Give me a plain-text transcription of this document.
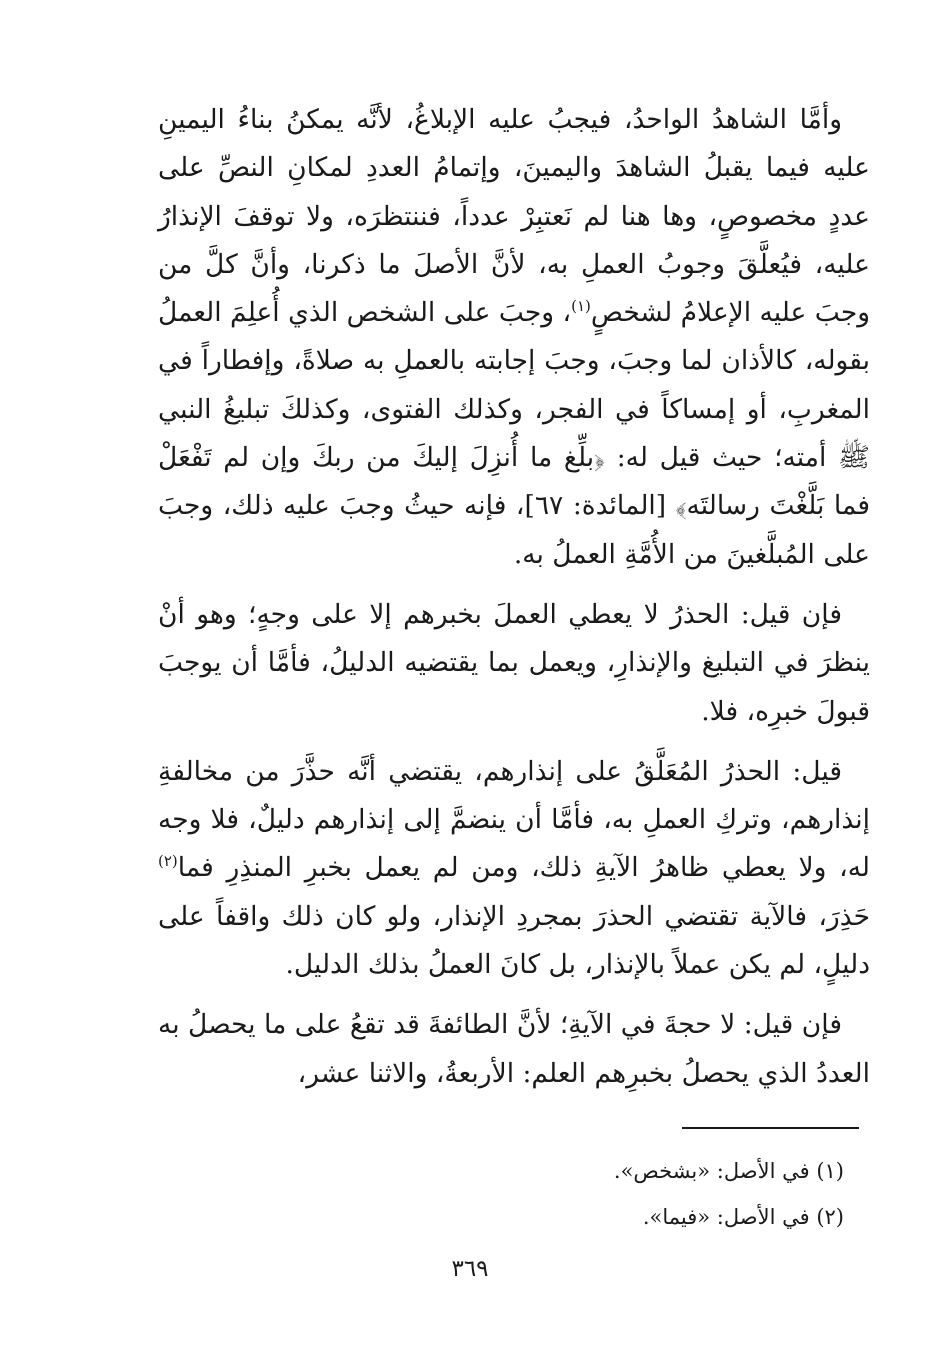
وأمَّا الشاهدُ الواحدُ، فيجبُ عليه الإبلاغُ، لأنَّه يمكنُ بناءُ اليمينِ عليه فيما يقبلُ الشاهدَ واليمينَ، وإتمامُ العددِ لمكانِ النصِّ على عددٍ مخصوصٍ، وها هنا لم نَعتبِرْ عدداً، فننتظرَه، ولا توقفَ الإنذارُ عليه، فيُعلَّقَ وجوبُ العملِ به، لأنَّ الأصلَ ما ذكرنا، وأنَّ كلَّ من وجبَ عليه الإعلامُ لشخصٍ$^{(١)}$، وجبَ على الشخص الذي أُعلِمَ العملُ بقوله، كالأذان لما وجبَ، وجبَ إجابته بالعملِ به صلاةً، وإفطاراً في المغربِ، أو إمساكاً في الفجر، وكذلك الفتوى، وكذلكَ تبليغُ النبي ﷺ أمته؛ حيث قيل له: ﴿بلِّغ ما أُنزِلَ إليكَ من ربكَ وإن لم تَفْعَلْ فما بَلَّغْتَ رسالتَه﴾ [المائدة: ٦٧]، فإنه حيثُ وجبَ عليه ذلك، وجبَ على المُبلَّغينَ من الأُمَّةِ العملُ به.

فإن قيل: الحذرُ لا يعطي العملَ بخبرهم إلا على وجهٍ؛ وهو أنْ ينظرَ في التبليغ والإنذارِ، ويعمل بما يقتضيه الدليلُ، فأمَّا أن يوجبَ قبولَ خبرِه، فلا.

قيل: الحذرُ المُعَلَّقُ على إنذارهم، يقتضي أنَّه حذَّرَ من مخالفةِ إنذارهم، وتركِ العملِ به، فأمَّا أن ينضمَّ إلى إنذارهم دليلٌ، فلا وجه له، ولا يعطي ظاهرُ الآيةِ ذلك، ومن لم يعمل بخبرِ المنذِرِ فما$^{(٢)}$ حَذِرَ، فالآية تقتضي الحذرَ بمجردِ الإنذار، ولو كان ذلك واقفاً على دليلٍ، لم يكن عملاً بالإنذار، بل كانَ العملُ بذلك الدليل.

فإن قيل: لا حجةَ في الآيةِ؛ لأنَّ الطائفةَ قد تقعُ على ما يحصلُ به العددُ الذي يحصلُ بخبرِهم العلم: الأربعةُ، والاثنا عشر،

(١) في الأصل: «بشخص».

(٢) في الأصل: «فيما».

٣٦٩
